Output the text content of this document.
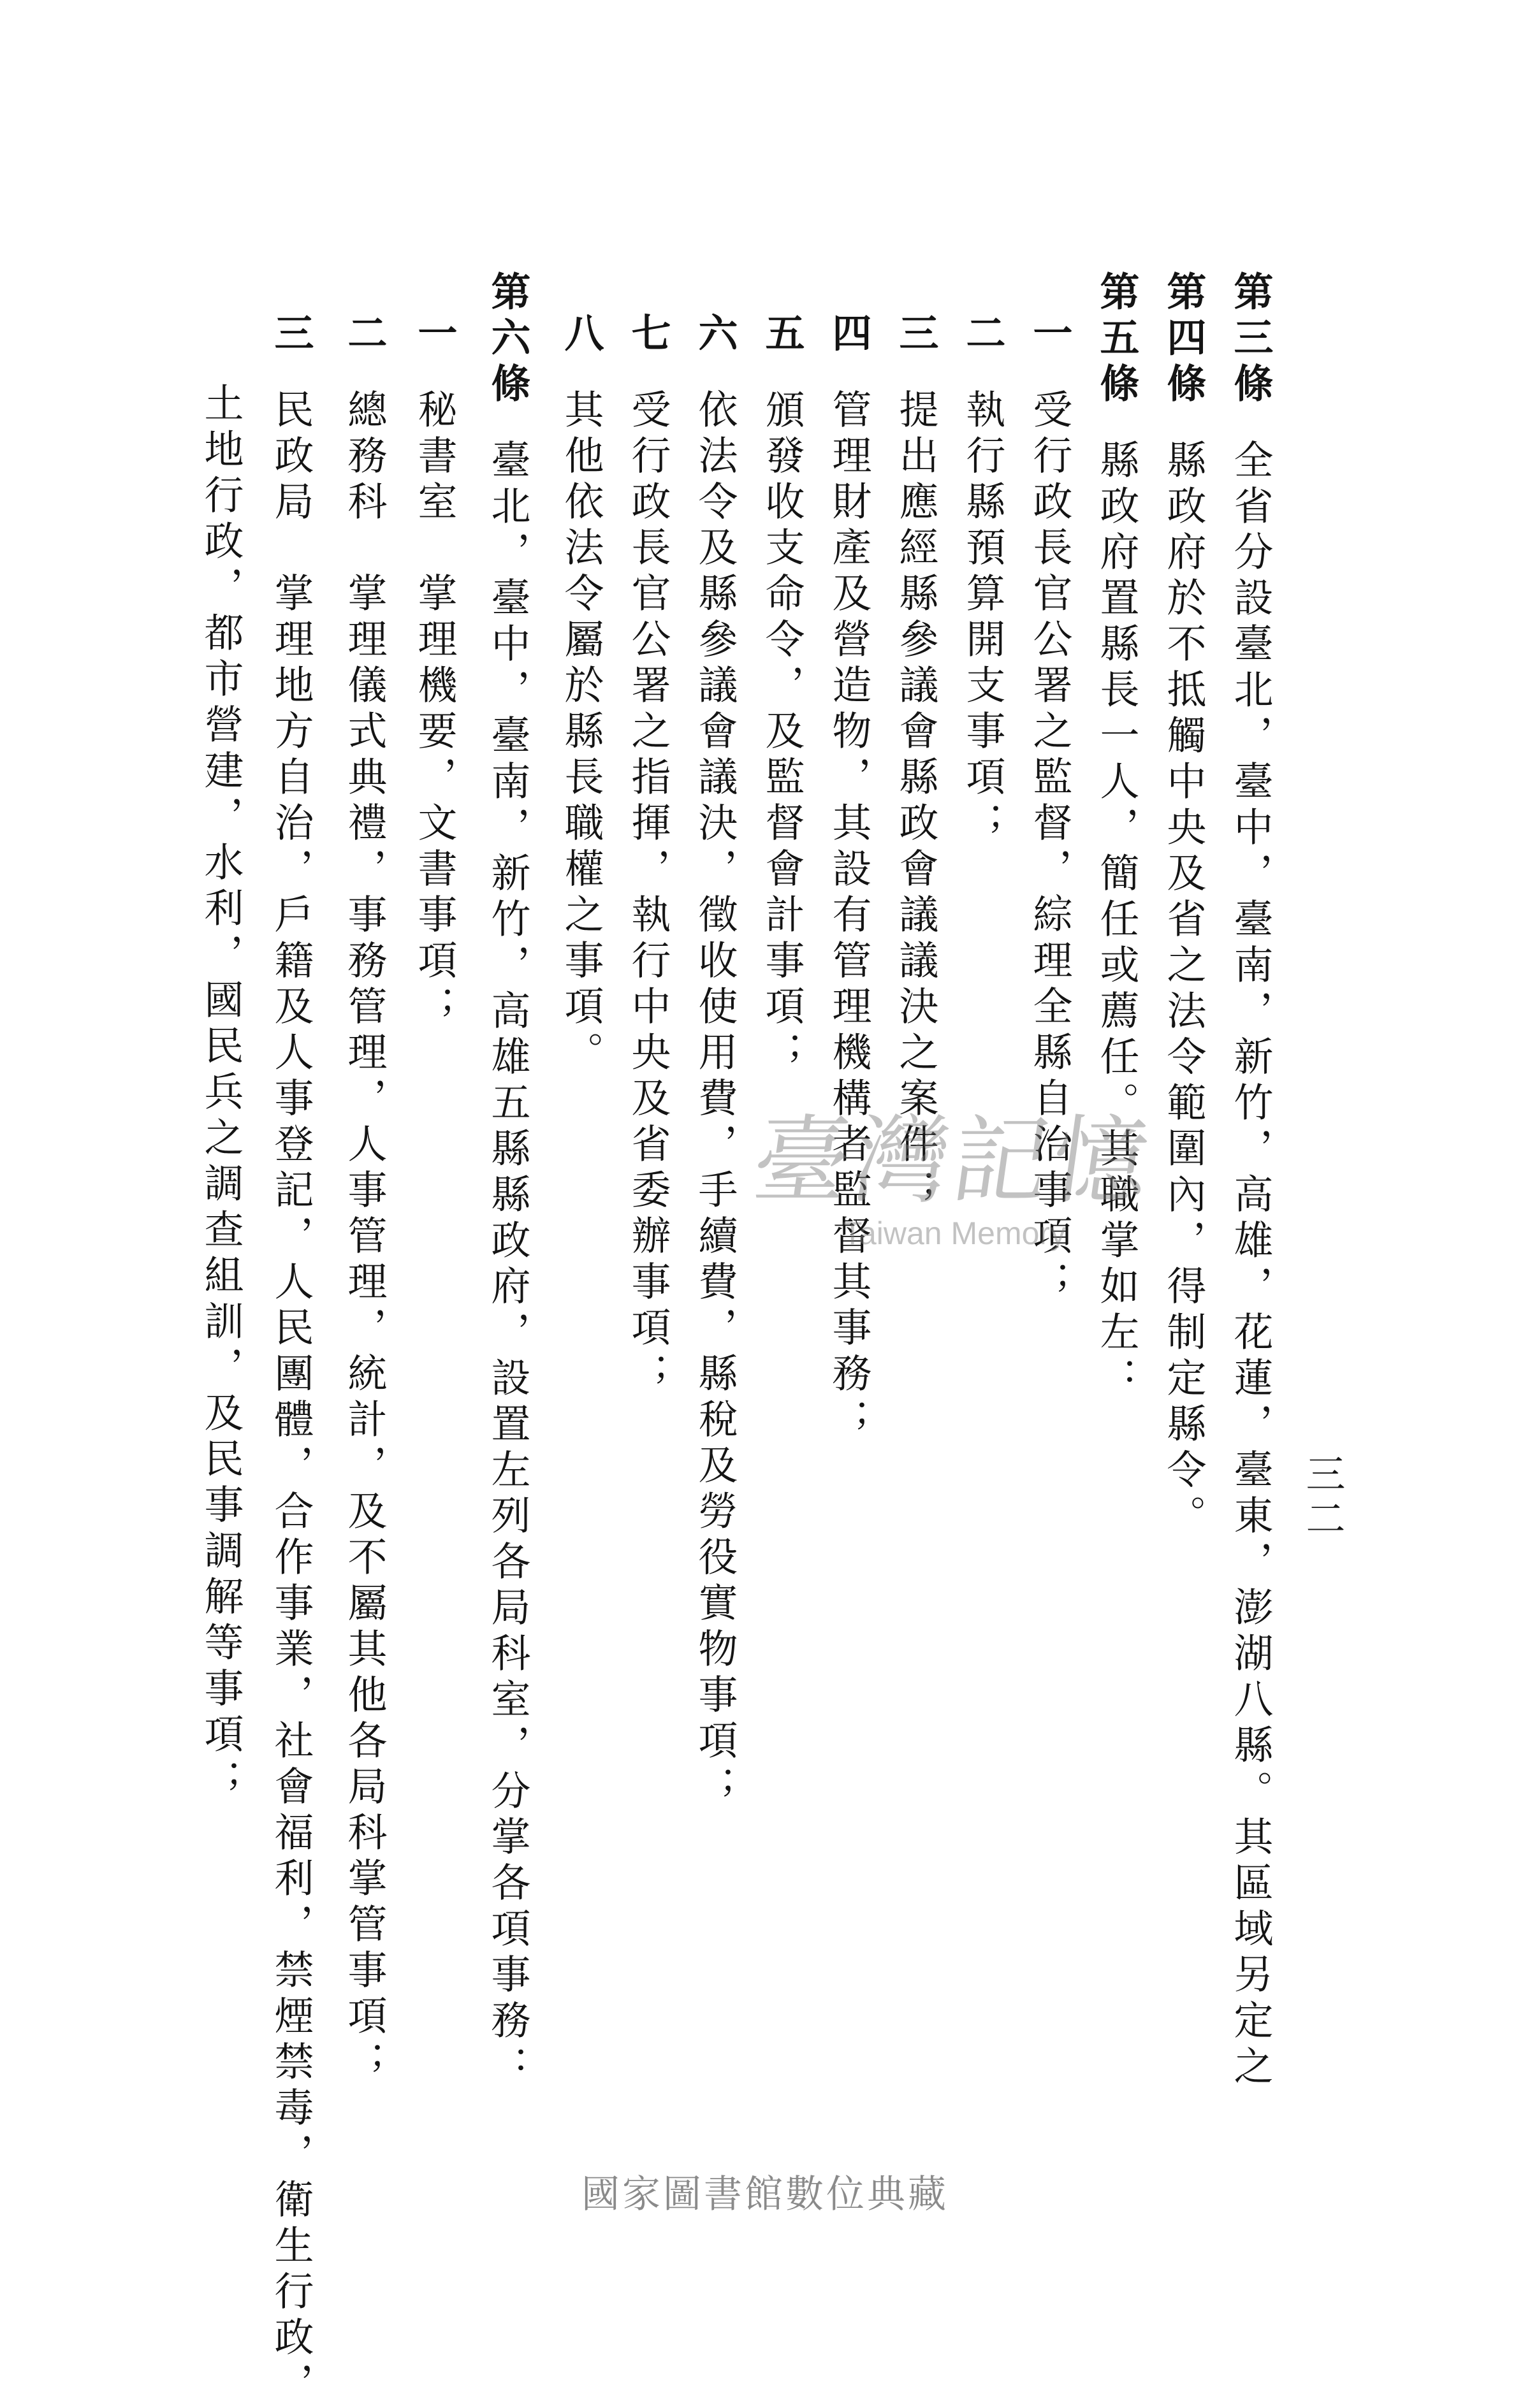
三二
第三條全省分設臺北，臺中，臺南，新竹，高雄，花蓮，臺東，澎湖八縣。其區域另定之
第四條縣政府於不抵觸中央及省之法令範圍內，得制定縣令。
第五條縣政府置縣長一人，簡任或薦任。其職掌如左：
一受行政長官公署之監督，綜理全縣自治事項；
二執行縣預算開支事項；
三提出應經縣參議會縣政會議議決之案件；
四管理財產及營造物，其設有管理機構者監督其事務；
五頒發收支命令，及監督會計事項；
六依法令及縣參議會議決，徵收使用費，手續費，縣稅及勞役實物事項；
七受行政長官公署之指揮，執行中央及省委辦事項；
八其他依法令屬於縣長職權之事項。
第六條臺北，臺中，臺南，新竹，高雄五縣縣政府，設置左列各局科室，分掌各項事務：
一秘書室　掌理機要，文書事項；
二總務科　掌理儀式典禮，事務管理，人事管理，統計，及不屬其他各局科掌管事項；
三民政局　掌理地方自治，戶籍及人事登記，人民團體，合作事業，社會福利，禁煙禁毒，衛生行政，
土地行政，都市營建，水利，國民兵之調查組訓，及民事調解等事項；	臺灣記憶
Taiwan Memory
國家圖書館數位典藏
